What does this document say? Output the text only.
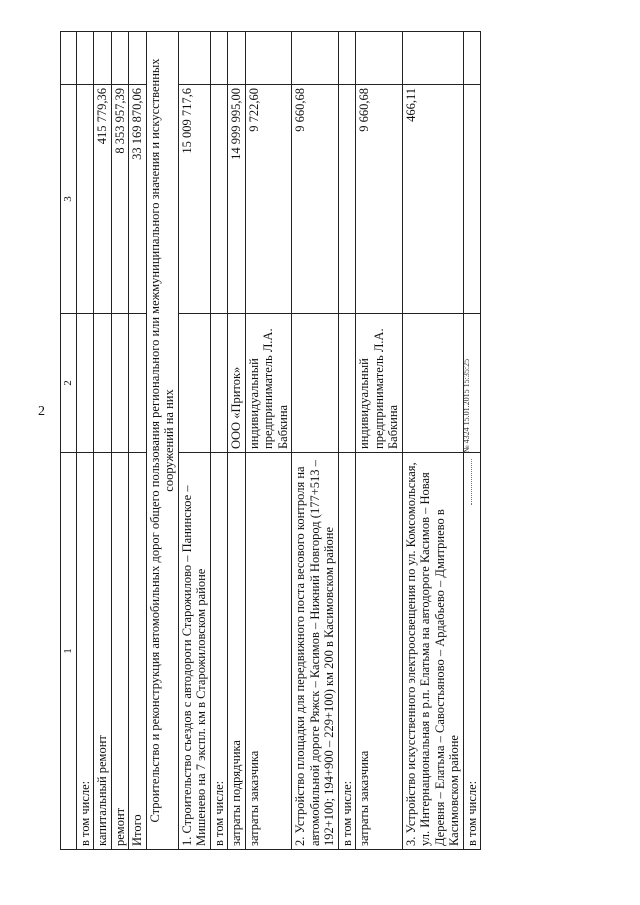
2
1	2	3	
в том числе:			
капитальный ремонт		415 779,36	
ремонт		8 353 957,39	
Итого		33 169 870,06	
Строительство и реконструкция автомобильных дорог общего пользования регионального или межмуниципального значения и искусственных сооружений на них			
1. Строительство съездов с автодороги Старожилово – Панинское – Мишенево на 7 экспл. км в Старожиловском районе		15 009 717,6	
в том числе:			
затраты подрядчика	ООО «Приток»	14 999 995,00	
затраты заказчика	индивидуальный предприниматель Л.А. Бабкина	9 722,60	
2. Устройство площадки для передвижного поста весового контроля на автомобильной дороге Ряжск – Касимов – Нижний Новгород (177+513 –192+100; 194+900 – 229+100) км 200 в Касимовском районе		9 660,68	
в том числе:			
затраты заказчика	индивидуальный предприниматель Л.А. Бабкина	9 660,68	
3. Устройство искусственного электроосвещения по ул. Комсомольская, ул. Интернациональная в р.п. Елатьма на автодороге Касимов – Новая Деревня – Елатьма – Савостьяново – Ардабьево – Дмитриево в Касимовском районе		466,11	
в том числе:			
№ 4324 15.01.2015 15:35:25
